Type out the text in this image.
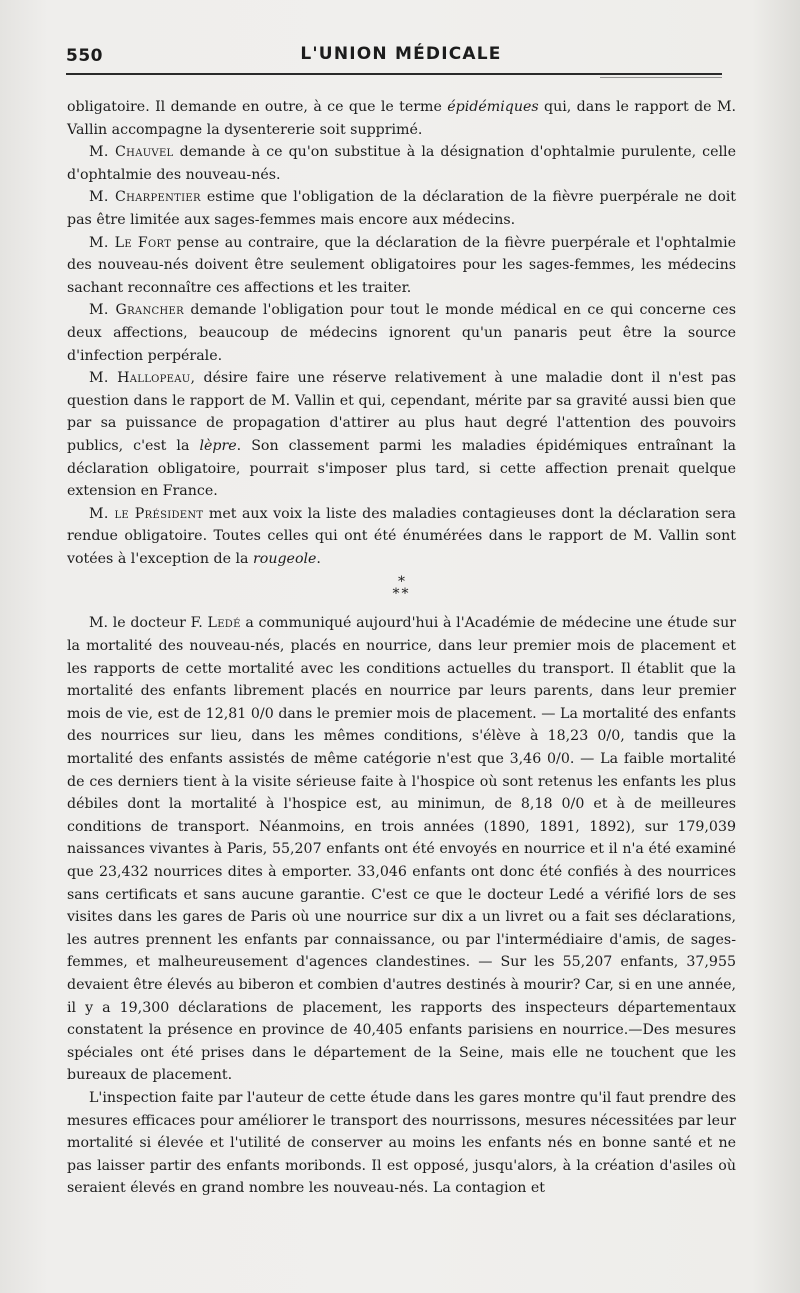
550	L'UNION MÉDICALE

obligatoire. Il demande en outre, à ce que le terme épidémiques qui, dans le rapport de M. Vallin accompagne la dysentererie soit supprimé.

M. Chauvel demande à ce qu'on substitue à la désignation d'ophtalmie purulente, celle d'ophtalmie des nouveau-nés.

M. Charpentier estime que l'obligation de la déclaration de la fièvre puerpérale ne doit pas être limitée aux sages-femmes mais encore aux médecins.

M. Le Fort pense au contraire, que la déclaration de la fièvre puerpérale et l'ophtalmie des nouveau-nés doivent être seulement obligatoires pour les sages-femmes, les médecins sachant reconnaître ces affections et les traiter.

M. Grancher demande l'obligation pour tout le monde médical en ce qui concerne ces deux affections, beaucoup de médecins ignorent qu'un panaris peut être la source d'infection perpérale.

M. Hallopeau, désire faire une réserve relativement à une maladie dont il n'est pas question dans le rapport de M. Vallin et qui, cependant, mérite par sa gravité aussi bien que par sa puissance de propagation d'attirer au plus haut degré l'attention des pouvoirs publics, c'est la lèpre. Son classement parmi les maladies épidémiques entraînant la déclaration obligatoire, pourrait s'imposer plus tard, si cette affection prenait quelque extension en France.

M. le Président met aux voix la liste des maladies contagieuses dont la déclaration sera rendue obligatoire. Toutes celles qui ont été énumérées dans le rapport de M. Vallin sont votées à l'exception de la rougeole.

*
**

M. le docteur F. Ledé a communiqué aujourd'hui à l'Académie de médecine une étude sur la mortalité des nouveau-nés, placés en nourrice, dans leur premier mois de placement et les rapports de cette mortalité avec les conditions actuelles du transport. Il établit que la mortalité des enfants librement placés en nourrice par leurs parents, dans leur premier mois de vie, est de 12,81 0/0 dans le premier mois de placement. — La mortalité des enfants des nourrices sur lieu, dans les mêmes conditions, s'élève à 18,23 0/0, tandis que la mortalité des enfants assistés de même catégorie n'est que 3,46 0/0. — La faible mortalité de ces derniers tient à la visite sérieuse faite à l'hospice où sont retenus les enfants les plus débiles dont la mortalité à l'hospice est, au minimun, de 8,18 0/0 et à de meilleures conditions de transport. Néanmoins, en trois années (1890, 1891, 1892), sur 179,039 naissances vivantes à Paris, 55,207 enfants ont été envoyés en nourrice et il n'a été examiné que 23,432 nourrices dites à emporter. 33,046 enfants ont donc été confiés à des nourrices sans certificats et sans aucune garantie. C'est ce que le docteur Ledé a vérifié lors de ses visites dans les gares de Paris où une nourrice sur dix a un livret ou a fait ses déclarations, les autres prennent les enfants par connaissance, ou par l'intermédiaire d'amis, de sages-femmes, et malheureusement d'agences clandestines. — Sur les 55,207 enfants, 37,955 devaient être élevés au biberon et combien d'autres destinés à mourir? Car, si en une année, il y a 19,300 déclarations de placement, les rapports des inspecteurs départementaux constatent la présence en province de 40,405 enfants parisiens en nourrice.—Des mesures spéciales ont été prises dans le département de la Seine, mais elle ne touchent que les bureaux de placement.

L'inspection faite par l'auteur de cette étude dans les gares montre qu'il faut prendre des mesures efficaces pour améliorer le transport des nourrissons, mesures nécessitées par leur mortalité si élevée et l'utilité de conserver au moins les enfants nés en bonne santé et ne pas laisser partir des enfants moribonds. Il est opposé, jusqu'alors, à la création d'asiles où seraient élevés en grand nombre les nouveau-nés. La contagion et
